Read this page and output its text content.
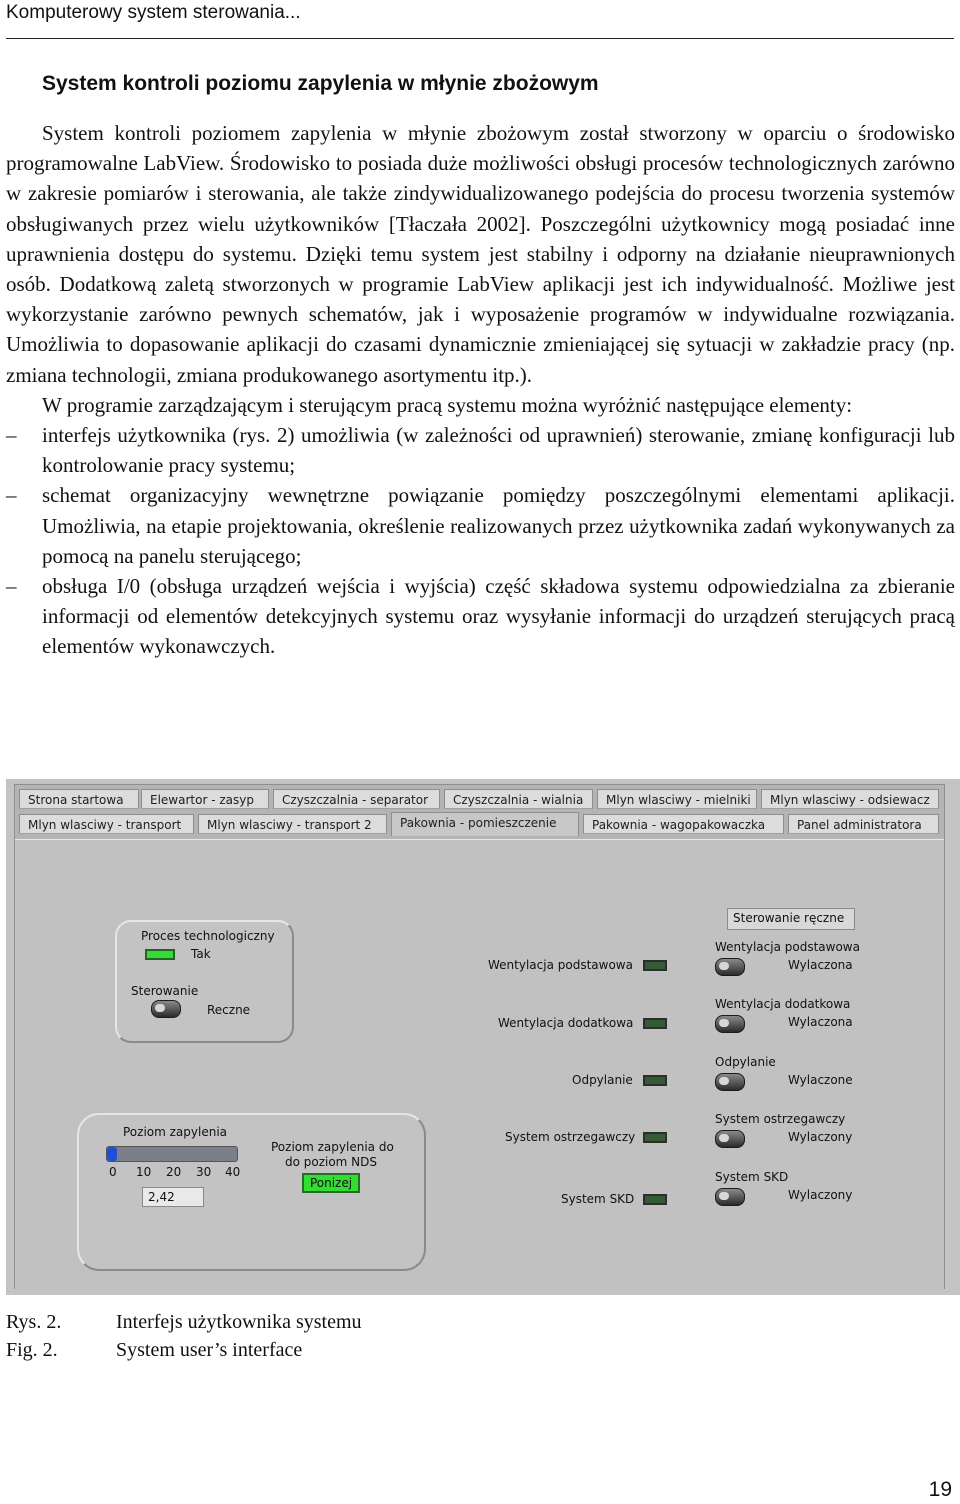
Komputerowy system sterowania...
System kontroli poziomu zapylenia w młynie zbożowym

System kontroli poziomem zapylenia w młynie zbożowym został stworzony w oparciu o środowisko programowalne LabView. Środowisko to posiada duże możliwości obsługi procesów technologicznych zarówno w zakresie pomiarów i sterowania, ale także zindywidualizowanego podejścia do procesu tworzenia systemów obsługiwanych przez wielu użytkowników [Tłaczała 2002]. Poszczególni użytkownicy mogą posiadać inne uprawnienia dostępu do systemu. Dzięki temu system jest stabilny i odporny na działanie nieuprawnionych osób. Dodatkową zaletą stworzonych w programie LabView aplikacji jest ich indywidualność. Możliwe jest wykorzystanie zarówno pewnych schematów, jak i wyposażenie programów w indywidualne rozwiązania. Umożliwia to dopasowanie aplikacji do czasami dynamicznie zmieniającej się sytuacji w zakładzie pracy (np. zmiana technologii, zmiana produkowanego asortymentu itp.).

W programie zarządzającym i sterującym pracą systemu można wyróżnić następujące elementy:

– interfejs użytkownika (rys. 2) umożliwia (w zależności od uprawnień) sterowanie, zmianę konfiguracji lub kontrolowanie pracy systemu;
– schemat organizacyjny wewnętrzne powiązanie pomiędzy poszczególnymi elementami aplikacji. Umożliwia, na etapie projektowania, określenie realizowanych przez użytkownika zadań wykonywanych za pomocą na panelu sterującego;
– obsługa I/0 (obsługa urządzeń wejścia i wyjścia) część składowa systemu odpowiedzialna za zbieranie informacji od elementów detekcyjnych systemu oraz wysyłanie informacji do urządzeń sterujących pracą elementów wykonawczych.
Strona startowa	Elewartor - zasyp	Czyszczalnia - separator	Czyszczalnia - wialnia	Mlyn wlasciwy - mielniki	Mlyn wlasciwy - odsiewacz
Mlyn wlasciwy - transport	Mlyn wlasciwy - transport 2	Pakownia - pomieszczenie	Pakownia - wagopakowaczka	Panel administratora
Proces technologiczny
Tak
Sterowanie
Reczne
Poziom zapylenia
0 10 20 30 40
2,42
Poziom zapylenia do
do poziom NDS
Ponizej
Wentylacja podstawowa
Wentylacja dodatkowa
Odpylanie
System ostrzegawczy
System SKD
Sterowanie ręczne
Wentylacja podstawowa
Wylaczona
Wentylacja dodatkowa
Wylaczona
Odpylanie
Wylaczone
System ostrzegawczy
Wylaczony
System SKD
Wylaczony
Rys. 2.	Interfejs użytkownika systemu
Fig. 2.	System user’s interface
19
